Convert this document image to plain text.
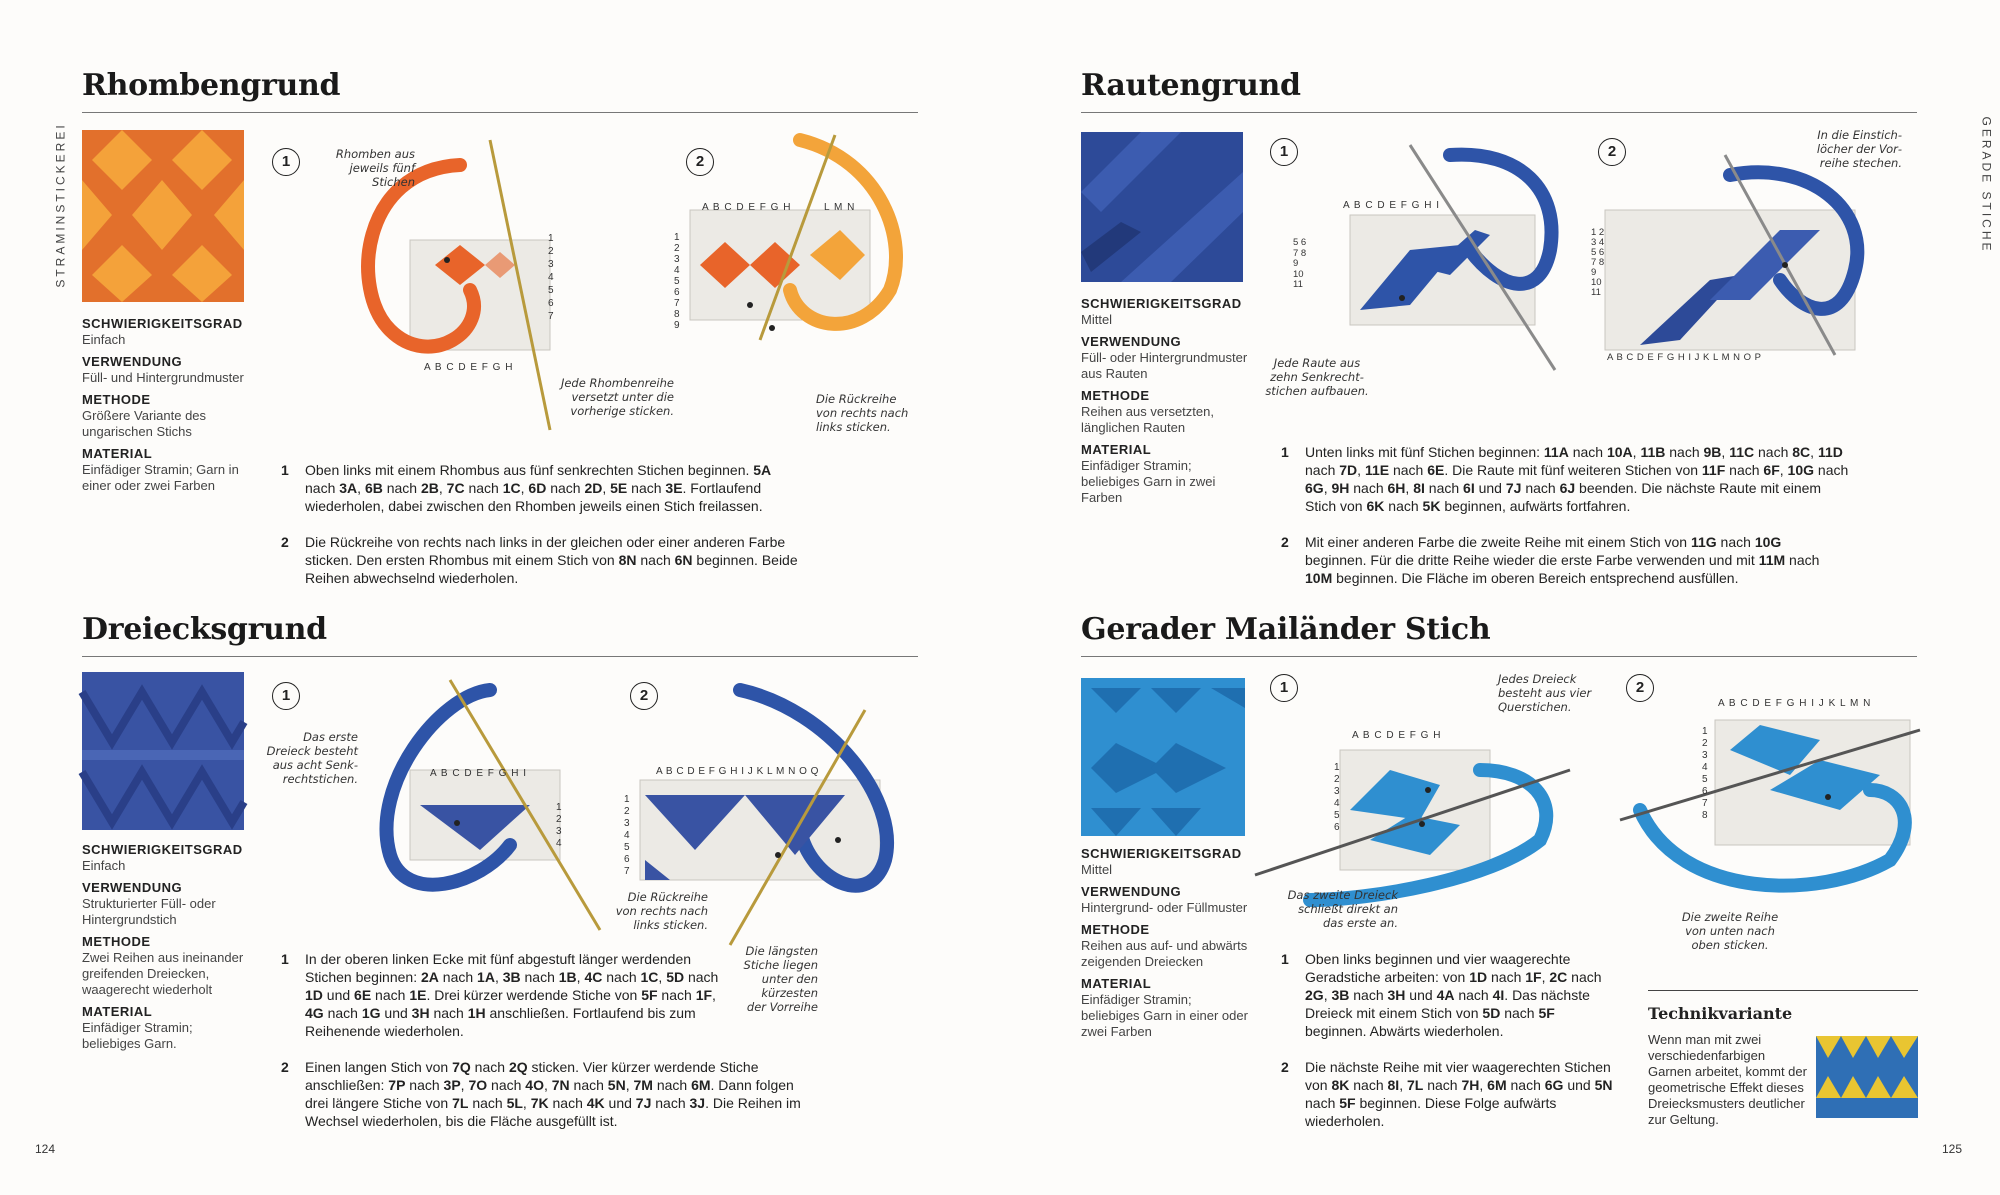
STRAMINSTICKEREI	GERADE STICHE
Rhombengrund
SCHWIERIGKEITSGRAD
Einfach
VERWENDUNG
Füll- und Hintergrundmuster
METHODE
Größere Variante des ungarischen Stichs
MATERIAL
Einfädiger Stramin; Garn in einer oder zwei Farben
1	2
Rhomben aus jeweils fünf Stichen
1 2 3 4 5 6 7
A B C D E F G H
A B C D E F G H	L M N
1 2 3 4 5 6 7 8 9
Jede Rhombenreihe versetzt unter die vorherige sticken.
Die Rückreihe von rechts nach links sticken.
1 Oben links mit einem Rhombus aus fünf senkrechten Stichen beginnen. 5A nach 3A, 6B nach 2B, 7C nach 1C, 6D nach 2D, 5E nach 3E. Fortlaufend wiederholen, dabei zwischen den Rhomben jeweils einen Stich freilassen.
2 Die Rückreihe von rechts nach links in der gleichen oder einer anderen Farbe sticken. Den ersten Rhombus mit einem Stich von 8N nach 6N beginnen. Beide Reihen abwechselnd wiederholen.
Rautengrund
SCHWIERIGKEITSGRAD
Mittel
VERWENDUNG
Füll- oder Hintergrundmuster aus Rauten
METHODE
Reihen aus versetzten, länglichen Rauten
MATERIAL
Einfädiger Stramin; beliebiges Garn in zwei Farben
1	2
A B C D E F G H I
5 6 7 8 9 10 11
Jede Raute aus zehn Senkrechtstichen aufbauen.
1 2 3 4 5 6 7 8 9 10 11
A B C D E F G H I J K L M N O P
In die Einstichlöcher der Vorreihe stechen.
1 Unten links mit fünf Stichen beginnen: 11A nach 10A, 11B nach 9B, 11C nach 8C, 11D nach 7D, 11E nach 6E. Die Raute mit fünf weiteren Stichen von 11F nach 6F, 10G nach 6G, 9H nach 6H, 8I nach 6I und 7J nach 6J beenden. Die nächste Raute mit einem Stich von 6K nach 5K beginnen, aufwärts fortfahren.
2 Mit einer anderen Farbe die zweite Reihe mit einem Stich von 11G nach 10G beginnen. Für die dritte Reihe wieder die erste Farbe verwenden und mit 11M nach 10M beginnen. Die Fläche im oberen Bereich entsprechend ausfüllen.
Dreiecksgrund
SCHWIERIGKEITSGRAD
Einfach
VERWENDUNG
Strukturierter Füll- oder Hintergrundstich
METHODE
Zwei Reihen aus ineinander greifenden Dreiecken, waagerecht wiederholt
MATERIAL
Einfädiger Stramin; beliebiges Garn.
1	2
Das erste Dreieck besteht aus acht Senkrechtstichen.	A B C D E F G H I
1 2 3 4
A B C D E F G H I J K L M N O Q
1 2 3 4 5 6 7
Die Rückreihe von rechts nach links sticken.
Die längsten Stiche liegen unter den kürzesten der Vorreihe
1 In der oberen linken Ecke mit fünf abgestuft länger werdenden Stichen beginnen: 2A nach 1A, 3B nach 1B, 4C nach 1C, 5D nach 1D und 6E nach 1E. Drei kürzer werdende Stiche von 5F nach 1F, 4G nach 1G und 3H nach 1H anschließen. Fortlaufend bis zum Reihenende wiederholen.
2 Einen langen Stich von 7Q nach 2Q sticken. Vier kürzer werdende Stiche anschließen: 7P nach 3P, 7O nach 4O, 7N nach 5N, 7M nach 6M. Dann folgen drei längere Stiche von 7L nach 5L, 7K nach 4K und 7J nach 3J. Die Reihen im Wechsel wiederholen, bis die Fläche ausgefüllt ist.
Gerader Mailänder Stich
SCHWIERIGKEITSGRAD
Mittel
VERWENDUNG
Hintergrund- oder Füllmuster
METHODE
Reihen aus auf- und abwärts zeigenden Dreiecken
MATERIAL
Einfädiger Stramin; beliebiges Garn in einer oder zwei Farben
1	2
A B C D E F G H
1 2 3 4 5 6
Jedes Dreieck besteht aus vier Querstichen.
Das zweite Dreieck schließt direkt an das erste an.
A B C D E F G H I J K L M N
1 2 3 4 5 6 7 8
Die zweite Reihe von unten nach oben sticken.
1 Oben links beginnen und vier waagerechte Geradstiche arbeiten: von 1D nach 1F, 2C nach 2G, 3B nach 3H und 4A nach 4I. Das nächste Dreieck mit einem Stich von 5D nach 5F beginnen. Abwärts wiederholen.
2 Die nächste Reihe mit vier waagerechten Stichen von 8K nach 8I, 7L nach 7H, 6M nach 6G und 5N nach 5F beginnen. Diese Folge aufwärts wiederholen.
Technikvariante
Wenn man mit zwei verschiedenfarbigen Garnen arbeitet, kommt der geometrische Effekt dieses Dreiecksmusters deutlicher zur Geltung.
124	125
